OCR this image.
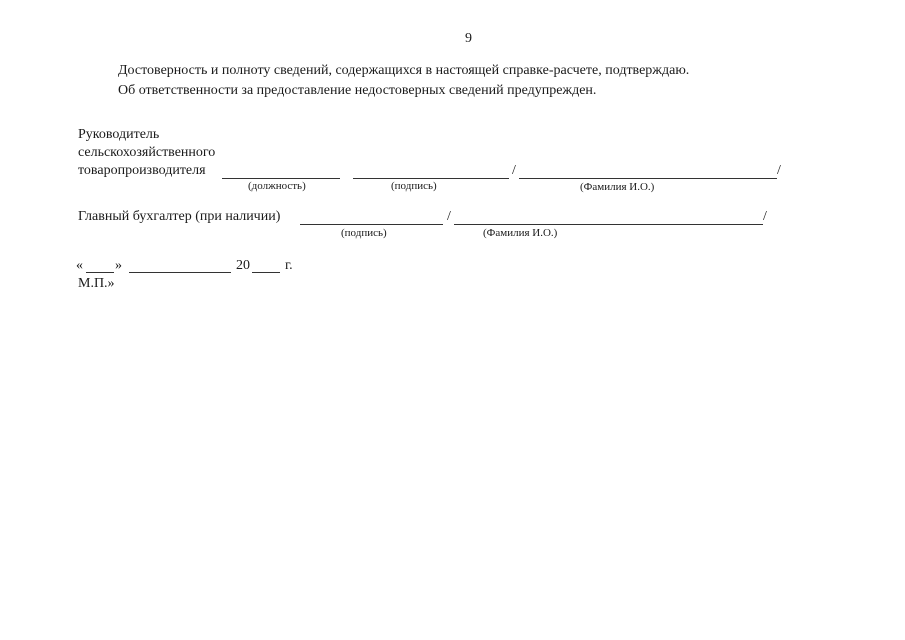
9
Достоверность и полноту сведений, содержащихся в настоящей справке-расчете, подтверждаю.
Об ответственности за предоставление недостоверных сведений предупрежден.
Руководитель
сельскохозяйственного
товаропроизводителя	/	/
(должность)	(подпись)	(Фамилия И.О.)
Главный бухгалтер (при наличии)	/	/
(подпись)	(Фамилия И.О.)
« »	20	г.
М.П.»
